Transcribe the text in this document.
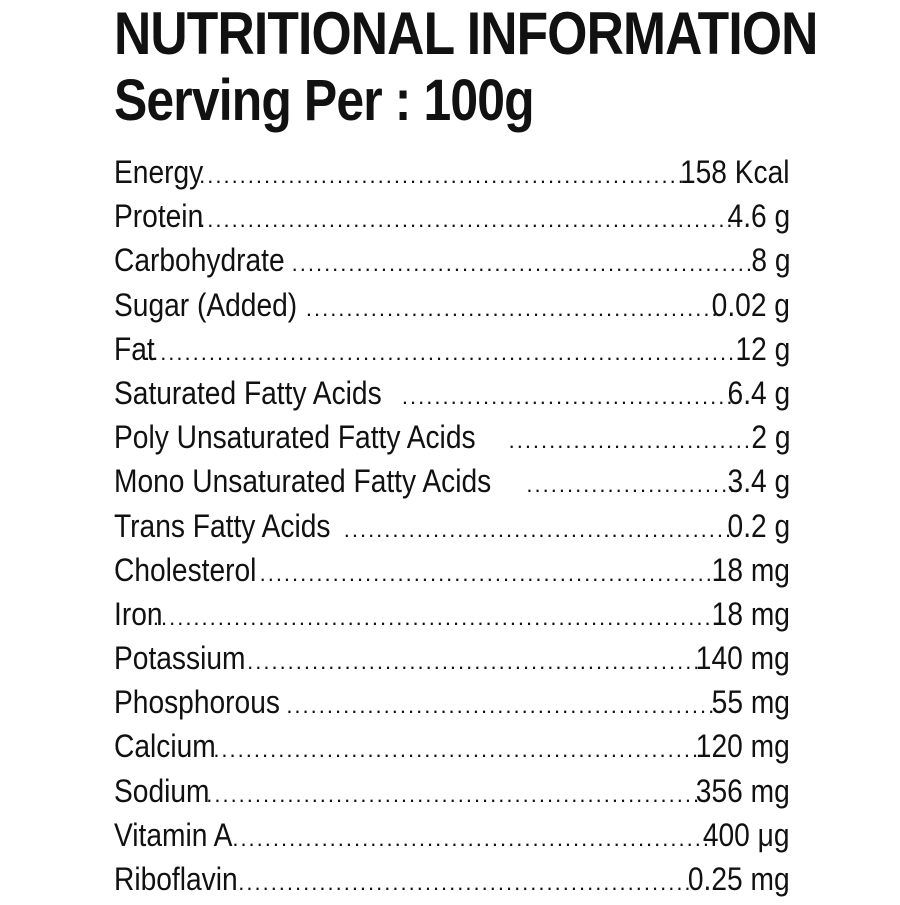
NUTRITIONAL INFORMATION
Serving Per : 100g
Energy .....	158 Kcal
Protein .....	4.6 g
Carbohydrate .....	8 g
Sugar (Added) .....	0.02 g
Fat .....	12 g
Saturated Fatty Acids .....	6.4 g
Poly Unsaturated Fatty Acids .....	2 g
Mono Unsaturated Fatty Acids .....	3.4 g
Trans Fatty Acids .....	0.2 g
Cholesterol .....	18 mg
Iron .....	18 mg
Potassium .....	140 mg
Phosphorous .....	55 mg
Calcium .....	120 mg
Sodium .....	356 mg
Vitamin A .....	400 μg
Riboflavin .....	0.25 mg
